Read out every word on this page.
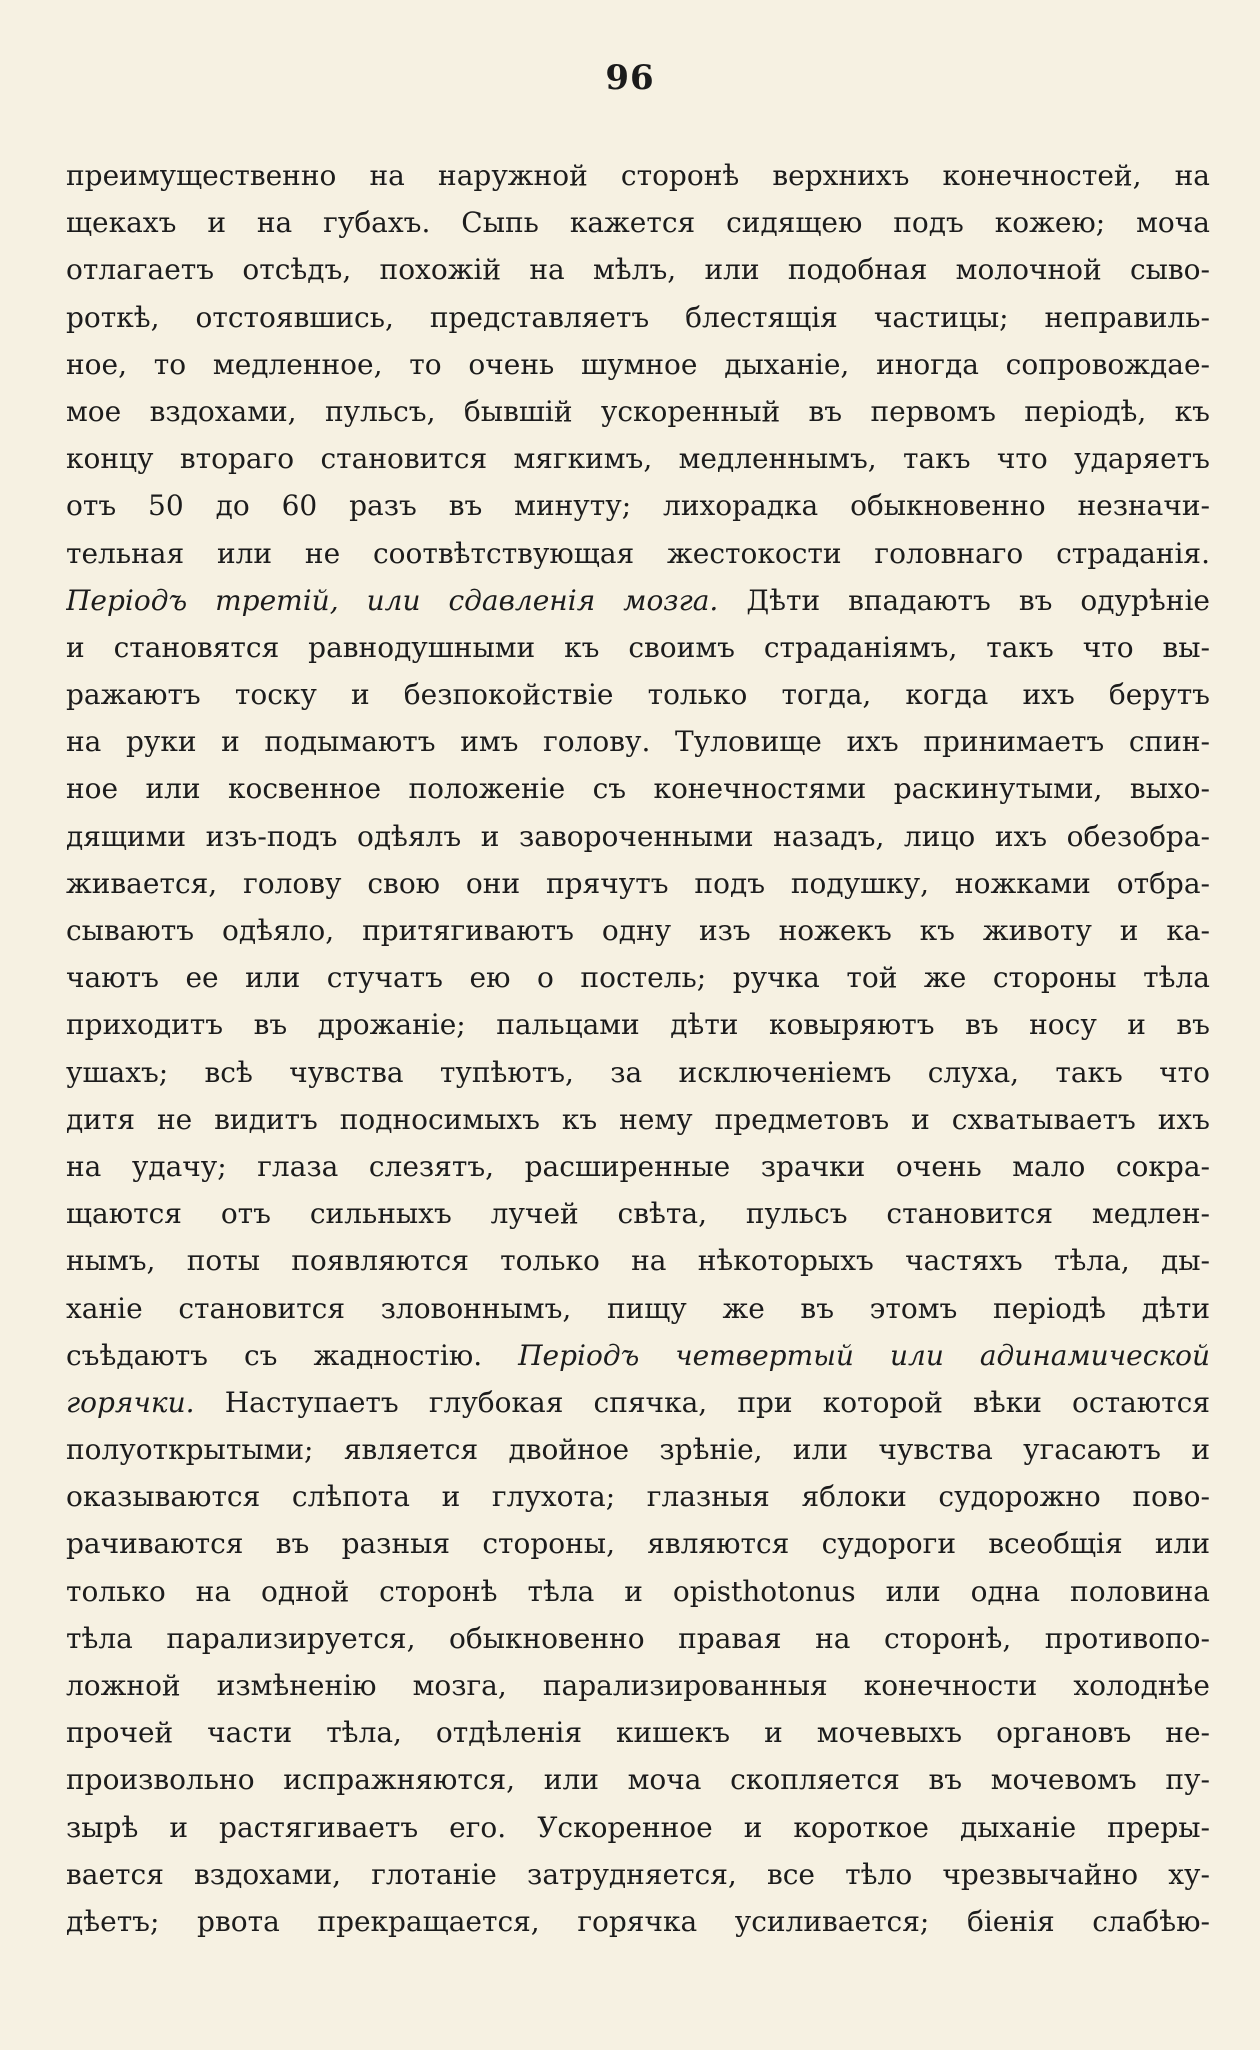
96
преимущественно на наружной сторонѣ верхнихъ конечностей, на
щекахъ и на губахъ. Сыпь кажется сидящею подъ кожею; моча
отлагаетъ отсѣдъ, похожій на мѣлъ, или подобная молочной сыво-
роткѣ, отстоявшись, представляетъ блестящія частицы; неправиль-
ное, то медленное, то очень шумное дыханіе, иногда сопровождае-
мое вздохами, пульсъ, бывшій ускоренный въ первомъ періодѣ, къ
концу втораго становится мягкимъ, медленнымъ, такъ что ударяетъ
отъ 50 до 60 разъ въ минуту; лихорадка обыкновенно незначи-
тельная или не соотвѣтствующая жестокости головнаго страданія.
Періодъ третій, или сдавленія мозга. Дѣти впадаютъ въ одурѣніе
и становятся равнодушными къ своимъ страданіямъ, такъ что вы-
ражаютъ тоску и безпокойствіе только тогда, когда ихъ берутъ
на руки и подымаютъ имъ голову. Туловище ихъ принимаетъ спин-
ное или косвенное положеніе съ конечностями раскинутыми, выхо-
дящими изъ-подъ одѣялъ и завороченными назадъ, лицо ихъ обезобра-
живается, голову свою они прячутъ подъ подушку, ножками отбра-
сываютъ одѣяло, притягиваютъ одну изъ ножекъ къ животу и ка-
чаютъ ее или стучатъ ею о постель; ручка той же стороны тѣла
приходитъ въ дрожаніе; пальцами дѣти ковыряютъ въ носу и въ
ушахъ; всѣ чувства тупѣютъ, за исключеніемъ слуха, такъ что
дитя не видитъ подносимыхъ къ нему предметовъ и схватываетъ ихъ
на удачу; глаза слезятъ, расширенные зрачки очень мало сокра-
щаются отъ сильныхъ лучей свѣта, пульсъ становится медлен-
нымъ, поты появляются только на нѣкоторыхъ частяхъ тѣла, ды-
ханіе становится зловоннымъ, пищу же въ этомъ періодѣ дѣти
съѣдаютъ съ жадностію. Періодъ четвертый или адинамической
горячки. Наступаетъ глубокая спячка, при которой вѣки остаются
полуоткрытыми; является двойное зрѣніе, или чувства угасаютъ и
оказываются слѣпота и глухота; глазныя яблоки судорожно пово-
рачиваются въ разныя стороны, являются судороги всеобщія или
только на одной сторонѣ тѣла и opisthotonus или одна половина
тѣла парализируется, обыкновенно правая на сторонѣ, противопо-
ложной измѣненію мозга, парализированныя конечности холоднѣе
прочей части тѣла, отдѣленія кишекъ и мочевыхъ органовъ не-
произвольно испражняются, или моча скопляется въ мочевомъ пу-
зырѣ и растягиваетъ его. Ускоренное и короткое дыханіе преры-
вается вздохами, глотаніе затрудняется, все тѣло чрезвычайно ху-
дѣетъ; рвота прекращается, горячка усиливается; біенія слабѣю-
